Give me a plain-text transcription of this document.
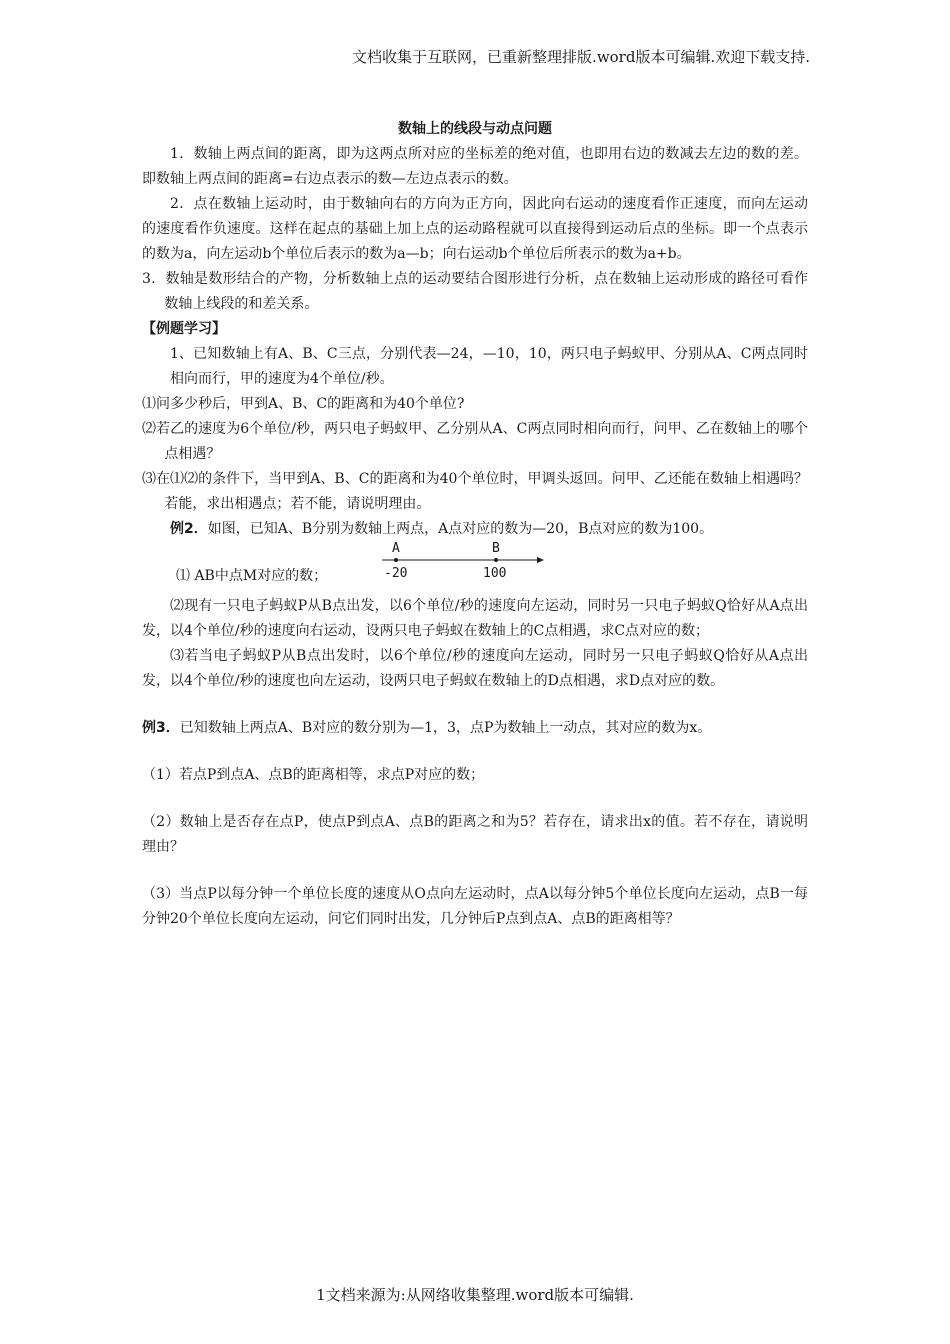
文档收集于互联网，已重新整理排版.word版本可编辑.欢迎下载支持.
数轴上的线段与动点问题

1．数轴上两点间的距离，即为这两点所对应的坐标差的绝对值，也即用右边的数减去左边的数的差。即数轴上两点间的距离=右边点表示的数—左边点表示的数。

2．点在数轴上运动时，由于数轴向右的方向为正方向，因此向右运动的速度看作正速度，而向左运动的速度看作负速度。这样在起点的基础上加上点的运动路程就可以直接得到运动后点的坐标。即一个点表示的数为a，向左运动b个单位后表示的数为a—b；向右运动b个单位后所表示的数为a+b。

3．数轴是数形结合的产物，分析数轴上点的运动要结合图形进行分析，点在数轴上运动形成的路径可看作数轴上线段的和差关系。

【例题学习】

1、已知数轴上有A、B、C三点，分别代表—24，—10，10，两只电子蚂蚁甲、分别从A、C两点同时相向而行，甲的速度为4个单位/秒。

⑴问多少秒后，甲到A、B、C的距离和为40个单位?

⑵若乙的速度为6个单位/秒，两只电子蚂蚁甲、乙分别从A、C两点同时相向而行，问甲、乙在数轴上的哪个点相遇？

⑶在⑴⑵的条件下，当甲到A、B、C的距离和为40个单位时，甲调头返回。问甲、乙还能在数轴上相遇吗？若能，求出相遇点；若不能，请说明理由。

例2．如图，已知A、B分别为数轴上两点，A点对应的数为—20，B点对应的数为100。

⑴ AB中点M对应的数；
A	B
-20	100

⑵现有一只电子蚂蚁P从B点出发，以6个单位/秒的速度向左运动，同时另一只电子蚂蚁Q恰好从A点出发，以4个单位/秒的速度向右运动，设两只电子蚂蚁在数轴上的C点相遇，求C点对应的数；

⑶若当电子蚂蚁P从B点出发时，以6个单位/秒的速度向左运动，同时另一只电子蚂蚁Q恰好从A点出发，以4个单位/秒的速度也向左运动，设两只电子蚂蚁在数轴上的D点相遇，求D点对应的数。

例3．已知数轴上两点A、B对应的数分别为—1，3，点P为数轴上一动点，其对应的数为x。

（1）若点P到点A、点B的距离相等，求点P对应的数；

（2）数轴上是否存在点P，使点P到点A、点B的距离之和为5？若存在，请求出x的值。若不存在，请说明理由？

（3）当点P以每分钟一个单位长度的速度从O点向左运动时，点A以每分钟5个单位长度向左运动，点B一每分钟20个单位长度向左运动，问它们同时出发，几分钟后P点到点A、点B的距离相等？

1文档来源为:从网络收集整理.word版本可编辑.
